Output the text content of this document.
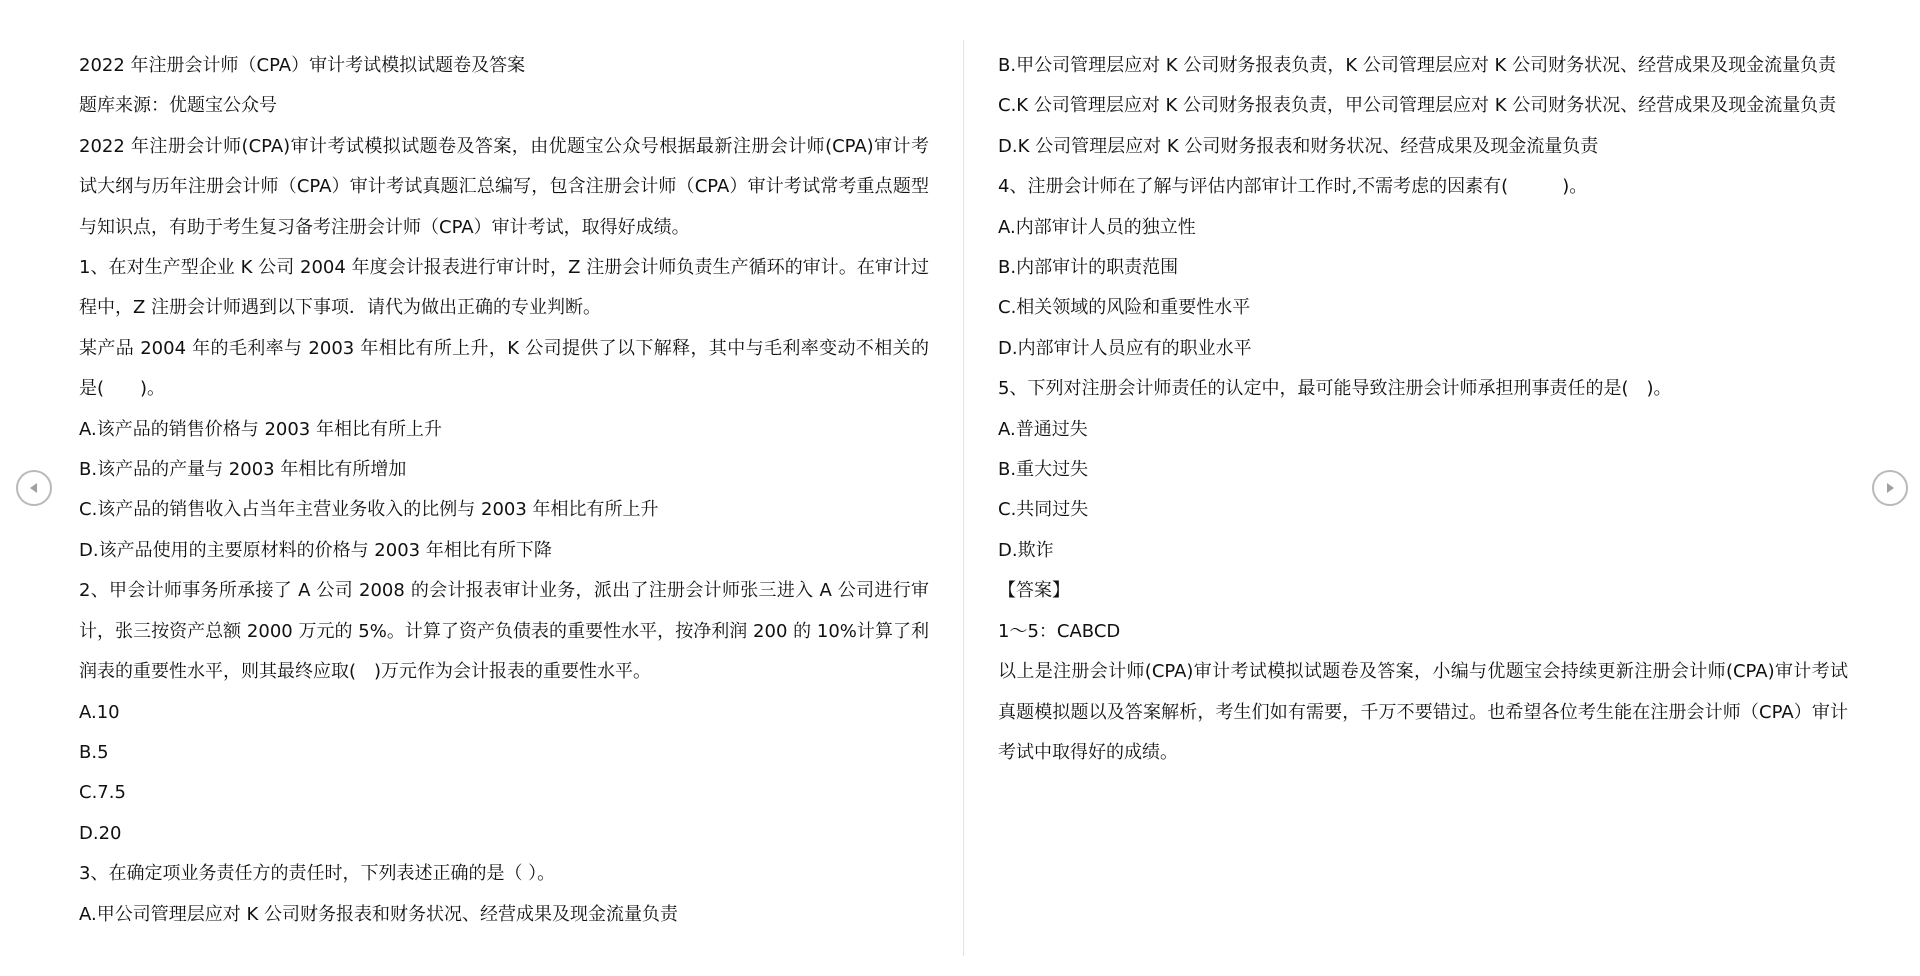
2022 年注册会计师（CPA）审计考试模拟试题卷及答案

题库来源：优题宝公众号

2022 年注册会计师(CPA)审计考试模拟试题卷及答案，由优题宝公众号根据最新注册会计师(CPA)审计考试大纲与历年注册会计师（CPA）审计考试真题汇总编写，包含注册会计师（CPA）审计考试常考重点题型与知识点，有助于考生复习备考注册会计师（CPA）审计考试，取得好成绩。

1、在对生产型企业 K 公司 2004 年度会计报表进行审计时，Z 注册会计师负责生产循环的审计。在审计过程中，Z 注册会计师遇到以下事项．请代为做出正确的专业判断。

某产品 2004 年的毛利率与 2003 年相比有所上升，K 公司提供了以下解释，其中与毛利率变动不相关的是(　　)。

A.该产品的销售价格与 2003 年相比有所上升

B.该产品的产量与 2003 年相比有所增加

C.该产品的销售收入占当年主营业务收入的比例与 2003 年相比有所上升

D.该产品使用的主要原材料的价格与 2003 年相比有所下降

2、甲会计师事务所承接了 A 公司 2008 的会计报表审计业务，派出了注册会计师张三进入 A 公司进行审计，张三按资产总额 2000 万元的 5%。计算了资产负债表的重要性水平，按净利润 200 的 10%计算了利润表的重要性水平，则其最终应取(　)万元作为会计报表的重要性水平。

A.10

B.5

C.7.5

D.20

3、在确定项业务责任方的责任时，下列表述正确的是（ ）。

A.甲公司管理层应对 K 公司财务报表和财务状况、经营成果及现金流量负责

B.甲公司管理层应对 K 公司财务报表负责，K 公司管理层应对 K 公司财务状况、经营成果及现金流量负责

C.K 公司管理层应对 K 公司财务报表负责，甲公司管理层应对 K 公司财务状况、经营成果及现金流量负责

D.K 公司管理层应对 K 公司财务报表和财务状况、经营成果及现金流量负责

4、注册会计师在了解与评估内部审计工作时,不需考虑的因素有(　　　)。

A.内部审计人员的独立性

B.内部审计的职责范围

C.相关领域的风险和重要性水平

D.内部审计人员应有的职业水平

5、下列对注册会计师责任的认定中，最可能导致注册会计师承担刑事责任的是(　)。

A.普通过失

B.重大过失

C.共同过失

D.欺诈

【答案】

1～5：CABCD

以上是注册会计师(CPA)审计考试模拟试题卷及答案，小编与优题宝会持续更新注册会计师(CPA)审计考试真题模拟题以及答案解析，考生们如有需要，千万不要错过。也希望各位考生能在注册会计师（CPA）审计考试中取得好的成绩。
